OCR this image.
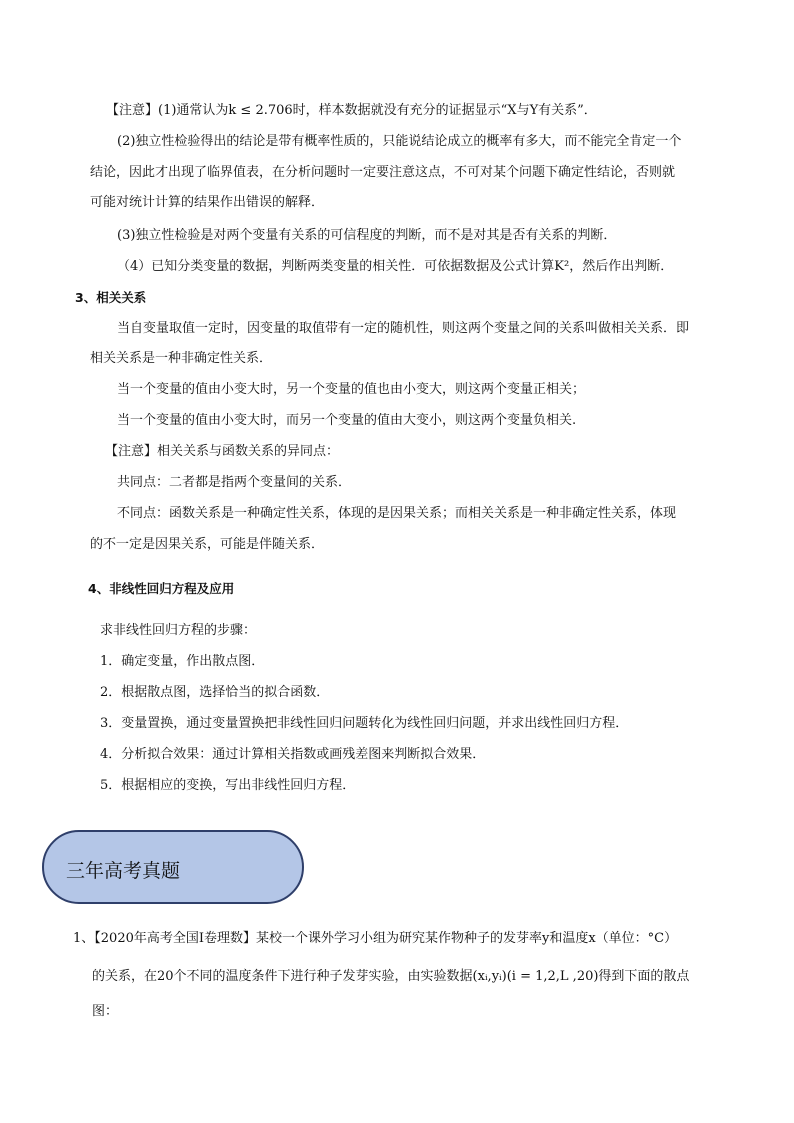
【注意】(1)通常认为k ≤ 2.706时，样本数据就没有充分的证据显示“X与Y有关系”．
(2)独立性检验得出的结论是带有概率性质的，只能说结论成立的概率有多大，而不能完全肯定一个
结论，因此才出现了临界值表，在分析问题时一定要注意这点，不可对某个问题下确定性结论，否则就
可能对统计计算的结果作出错误的解释．
(3)独立性检验是对两个变量有关系的可信程度的判断，而不是对其是否有关系的判断．
（4）已知分类变量的数据，判断两类变量的相关性．可依据数据及公式计算K²，然后作出判断．
3、相关关系
当自变量取值一定时，因变量的取值带有一定的随机性，则这两个变量之间的关系叫做相关关系．即
相关关系是一种非确定性关系．
当一个变量的值由小变大时，另一个变量的值也由小变大，则这两个变量正相关；
当一个变量的值由小变大时，而另一个变量的值由大变小，则这两个变量负相关.
【注意】相关关系与函数关系的异同点：
共同点：二者都是指两个变量间的关系．
不同点：函数关系是一种确定性关系，体现的是因果关系；而相关关系是一种非确定性关系，体现
的不一定是因果关系，可能是伴随关系．
4、非线性回归方程及应用
求非线性回归方程的步骤：
1．确定变量，作出散点图．
2．根据散点图，选择恰当的拟合函数．
3．变量置换，通过变量置换把非线性回归问题转化为线性回归问题，并求出线性回归方程．
4．分析拟合效果：通过计算相关指数或画残差图来判断拟合效果．
5．根据相应的变换，写出非线性回归方程．
三年高考真题
1、【2020年高考全国Ⅰ卷理数】某校一个课外学习小组为研究某作物种子的发芽率y和温度x（单位：°C）
的关系，在20个不同的温度条件下进行种子发芽实验，由实验数据(xᵢ,yᵢ)(i = 1,2,L ,20)得到下面的散点
图：
